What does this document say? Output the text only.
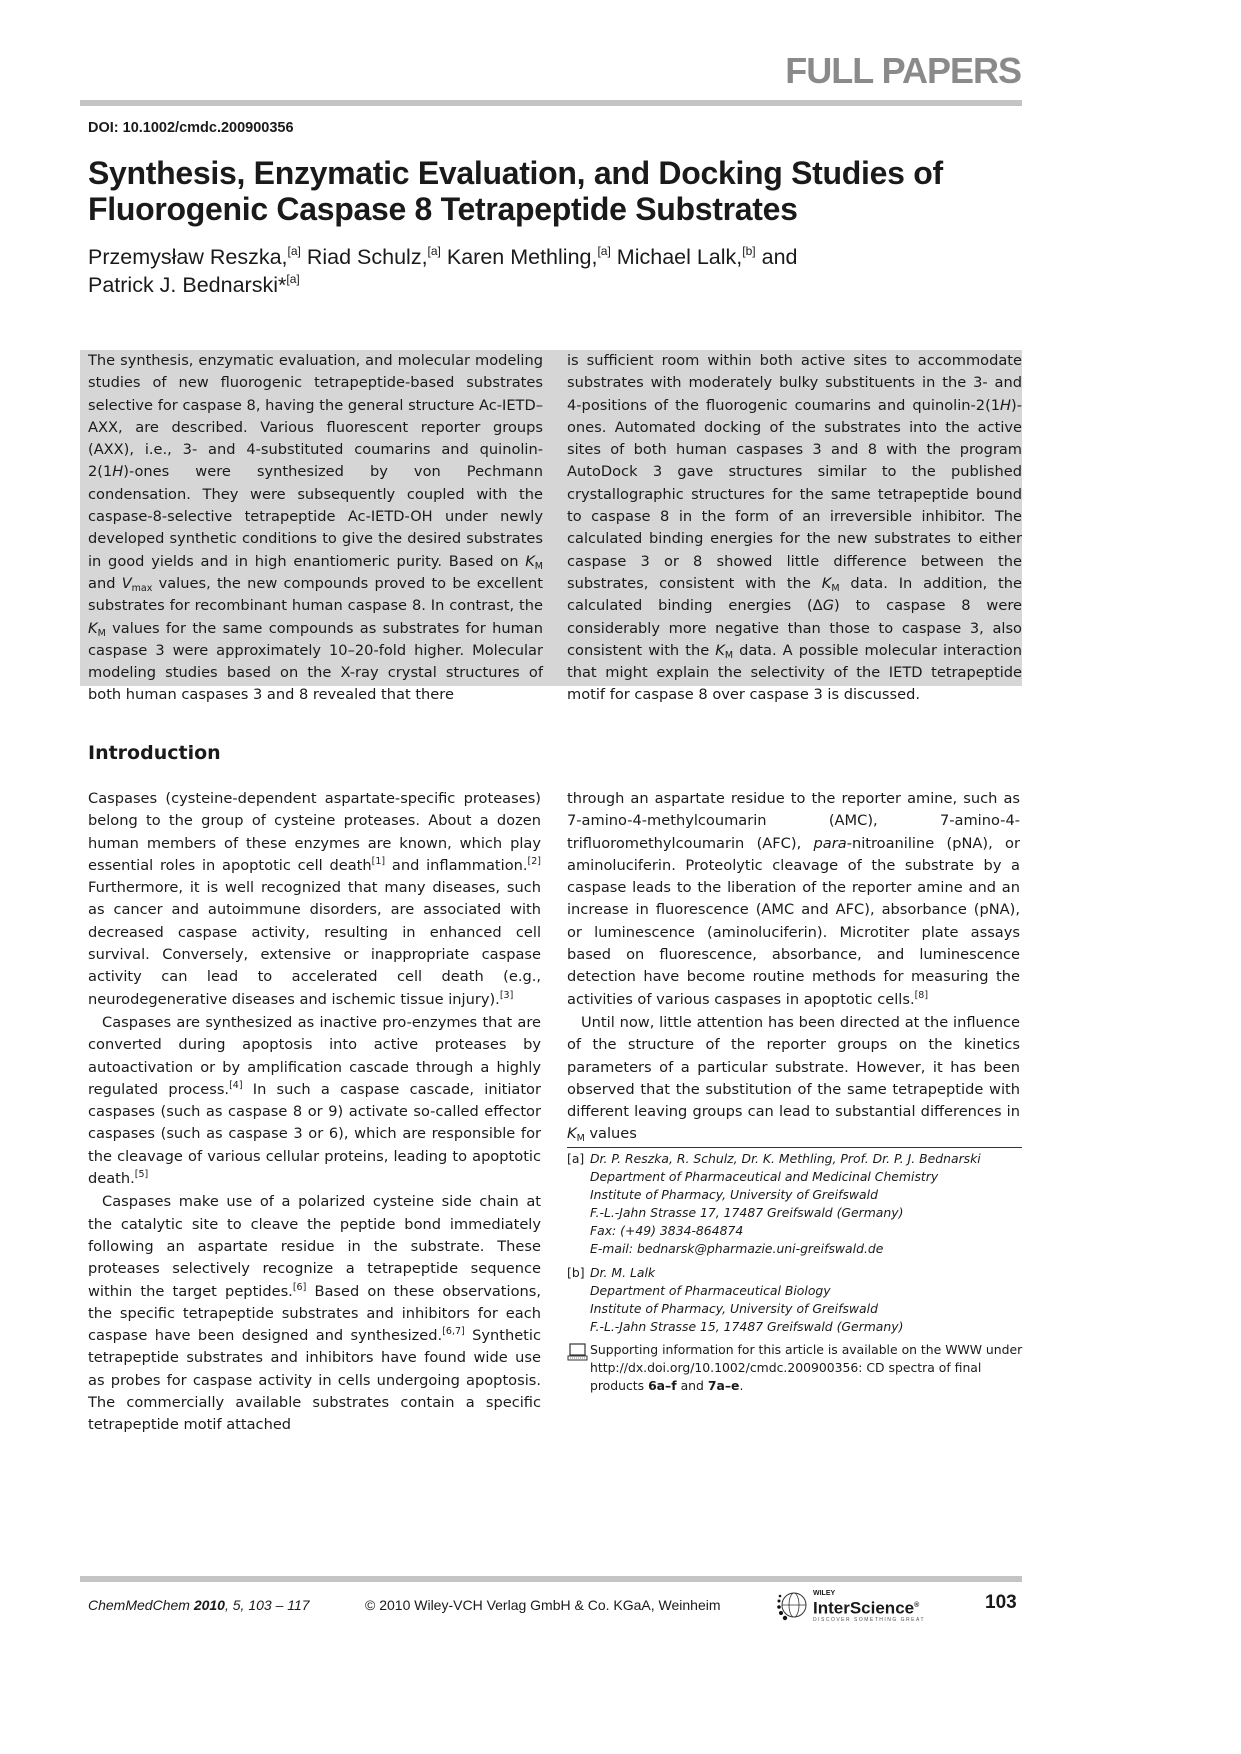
FULL PAPERS
DOI: 10.1002/cmdc.200900356
Synthesis, Enzymatic Evaluation, and Docking Studies of
Fluorogenic Caspase 8 Tetrapeptide Substrates
Przemysław Reszka,[a] Riad Schulz,[a] Karen Methling,[a] Michael Lalk,[b] and
Patrick J. Bednarski*[a]

The synthesis, enzymatic evaluation, and molecular modeling studies of new fluorogenic tetrapeptide-based substrates selective for caspase 8, having the general structure Ac-IETD–AXX, are described. Various fluorescent reporter groups (AXX), i.e., 3- and 4-substituted coumarins and quinolin-2(1H)-ones were synthesized by von Pechmann condensation. They were subsequently coupled with the caspase-8-selective tetrapeptide Ac-IETD-OH under newly developed synthetic conditions to give the desired substrates in good yields and in high enantiomeric purity. Based on $K_M$ and $V_{max}$ values, the new compounds proved to be excellent substrates for recombinant human caspase 8. In contrast, the $K_M$ values for the same compounds as substrates for human caspase 3 were approximately 10–20-fold higher. Molecular modeling studies based on the X-ray crystal structures of both human caspases 3 and 8 revealed that there

is sufficient room within both active sites to accommodate substrates with moderately bulky substituents in the 3- and 4-positions of the fluorogenic coumarins and quinolin-2(1H)-ones. Automated docking of the substrates into the active sites of both human caspases 3 and 8 with the program AutoDock 3 gave structures similar to the published crystallographic structures for the same tetrapeptide bound to caspase 8 in the form of an irreversible inhibitor. The calculated binding energies for the new substrates to either caspase 3 or 8 showed little difference between the substrates, consistent with the $K_M$ data. In addition, the calculated binding energies (ΔG) to caspase 8 were considerably more negative than those to caspase 3, also consistent with the $K_M$ data. A possible molecular interaction that might explain the selectivity of the IETD tetrapeptide motif for caspase 8 over caspase 3 is discussed.

Introduction

Caspases (cysteine-dependent aspartate-specific proteases) belong to the group of cysteine proteases. About a dozen human members of these enzymes are known, which play essential roles in apoptotic cell death[1] and inflammation.[2] Furthermore, it is well recognized that many diseases, such as cancer and autoimmune disorders, are associated with decreased caspase activity, resulting in enhanced cell survival. Conversely, extensive or inappropriate caspase activity can lead to accelerated cell death (e.g., neurodegenerative diseases and ischemic tissue injury).[3]

Caspases are synthesized as inactive pro-enzymes that are converted during apoptosis into active proteases by autoactivation or by amplification cascade through a highly regulated process.[4] In such a caspase cascade, initiator caspases (such as caspase 8 or 9) activate so-called effector caspases (such as caspase 3 or 6), which are responsible for the cleavage of various cellular proteins, leading to apoptotic death.[5]

Caspases make use of a polarized cysteine side chain at the catalytic site to cleave the peptide bond immediately following an aspartate residue in the substrate. These proteases selectively recognize a tetrapeptide sequence within the target peptides.[6] Based on these observations, the specific tetrapeptide substrates and inhibitors for each caspase have been designed and synthesized.[6,7] Synthetic tetrapeptide substrates and inhibitors have found wide use as probes for caspase activity in cells undergoing apoptosis. The commercially available substrates contain a specific tetrapeptide motif attached

through an aspartate residue to the reporter amine, such as 7-amino-4-methylcoumarin (AMC), 7-amino-4-trifluoromethylcoumarin (AFC), para-nitroaniline (pNA), or aminoluciferin. Proteolytic cleavage of the substrate by a caspase leads to the liberation of the reporter amine and an increase in fluorescence (AMC and AFC), absorbance (pNA), or luminescence (aminoluciferin). Microtiter plate assays based on fluorescence, absorbance, and luminescence detection have become routine methods for measuring the activities of various caspases in apoptotic cells.[8]

Until now, little attention has been directed at the influence of the structure of the reporter groups on the kinetics parameters of a particular substrate. However, it has been observed that the substitution of the same tetrapeptide with different leaving groups can lead to substantial differences in $K_M$ values

[a] Dr. P. Reszka, R. Schulz, Dr. K. Methling, Prof. Dr. P. J. Bednarski
Department of Pharmaceutical and Medicinal Chemistry
Institute of Pharmacy, University of Greifswald
F.-L.-Jahn Strasse 17, 17487 Greifswald (Germany)
Fax: (+49) 3834-864874
E-mail: bednarsk@pharmazie.uni-greifswald.de
[b] Dr. M. Lalk
Department of Pharmaceutical Biology
Institute of Pharmacy, University of Greifswald
F.-L.-Jahn Strasse 15, 17487 Greifswald (Germany)
Supporting information for this article is available on the WWW under http://dx.doi.org/10.1002/cmdc.200900356: CD spectra of final products 6a–f and 7a–e.
ChemMedChem 2010, 5, 103 – 117	© 2010 Wiley-VCH Verlag GmbH & Co. KGaA, Weinheim
WILEY
InterScience®
DISCOVER SOMETHING GREAT
103
